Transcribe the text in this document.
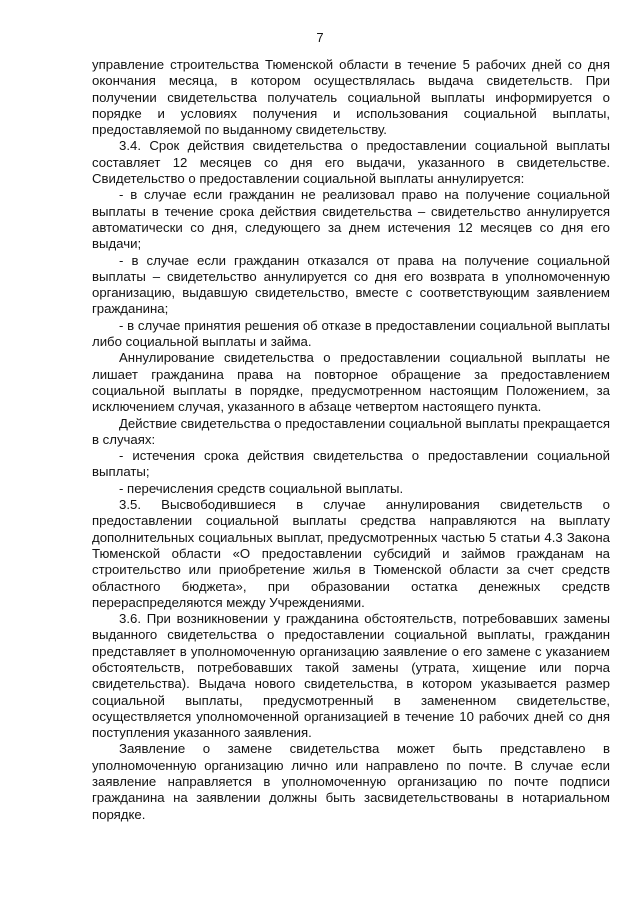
7

управление строительства Тюменской области в течение 5 рабочих дней со дня окончания месяца, в котором осуществлялась выдача свидетельств. При получении свидетельства получатель социальной выплаты информируется о порядке и условиях получения и использования социальной выплаты, предоставляемой по выданному свидетельству.

3.4. Срок действия свидетельства о предоставлении социальной выплаты составляет 12 месяцев со дня его выдачи, указанного в свидетельстве. Свидетельство о предоставлении социальной выплаты аннулируется:

- в случае если гражданин не реализовал право на получение социальной выплаты в течение срока действия свидетельства – свидетельство аннулируется автоматически со дня, следующего за днем истечения 12 месяцев со дня его выдачи;

- в случае если гражданин отказался от права на получение социальной выплаты – свидетельство аннулируется со дня его возврата в уполномоченную организацию, выдавшую свидетельство, вместе с соответствующим заявлением гражданина;

- в случае принятия решения об отказе в предоставлении социальной выплаты либо социальной выплаты и займа.

Аннулирование свидетельства о предоставлении социальной выплаты не лишает гражданина права на повторное обращение за предоставлением социальной выплаты в порядке, предусмотренном настоящим Положением, за исключением случая, указанного в абзаце четвертом настоящего пункта.

Действие свидетельства о предоставлении социальной выплаты прекращается в случаях:

- истечения срока действия свидетельства о предоставлении социальной выплаты;

- перечисления средств социальной выплаты.

3.5. Высвободившиеся в случае аннулирования свидетельств о предоставлении социальной выплаты средства направляются на выплату дополнительных социальных выплат, предусмотренных частью 5 статьи 4.3 Закона Тюменской области «О предоставлении субсидий и займов гражданам на строительство или приобретение жилья в Тюменской области за счет средств областного бюджета», при образовании остатка денежных средств перераспределяются между Учреждениями.

3.6. При возникновении у гражданина обстоятельств, потребовавших замены выданного свидетельства о предоставлении социальной выплаты, гражданин представляет в уполномоченную организацию заявление о его замене с указанием обстоятельств, потребовавших такой замены (утрата, хищение или порча свидетельства). Выдача нового свидетельства, в котором указывается размер социальной выплаты, предусмотренный в замененном свидетельстве, осуществляется уполномоченной организацией в течение 10 рабочих дней со дня поступления указанного заявления.

Заявление о замене свидетельства может быть представлено в уполномоченную организацию лично или направлено по почте. В случае если заявление направляется в уполномоченную организацию по почте подписи гражданина на заявлении должны быть засвидетельствованы в нотариальном порядке.
